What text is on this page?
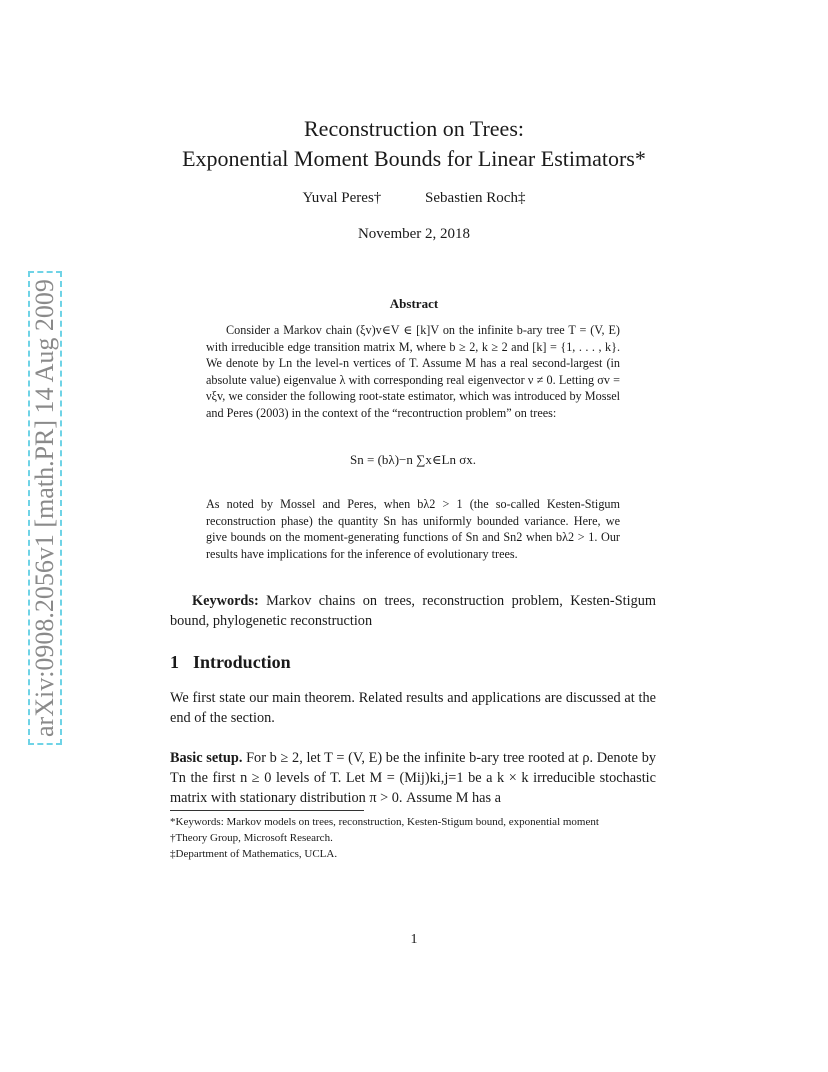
arXiv:0908.2056v1 [math.PR] 14 Aug 2009
Reconstruction on Trees:
Exponential Moment Bounds for Linear Estimators*
Yuval Peres†	Sebastien Roch‡
November 2, 2018
Abstract
Consider a Markov chain (ξv)v∈V ∈ [k]V on the infinite b-ary tree T = (V, E) with irreducible edge transition matrix M, where b ≥ 2, k ≥ 2 and [k] = {1, . . . , k}. We denote by Ln the level-n vertices of T. Assume M has a real second-largest (in absolute value) eigenvalue λ with corresponding real eigenvector ν ≠ 0. Letting σv = νξv, we consider the following root-state estimator, which was introduced by Mossel and Peres (2003) in the context of the “recontruction problem” on trees:
Sn = (bλ)−n ∑x∈Ln σx.
As noted by Mossel and Peres, when bλ2 > 1 (the so-called Kesten-Stigum reconstruction phase) the quantity Sn has uniformly bounded variance. Here, we give bounds on the moment-generating functions of Sn and Sn2 when bλ2 > 1. Our results have implications for the inference of evolutionary trees.
Keywords: Markov chains on trees, reconstruction problem, Kesten-Stigum bound, phylogenetic reconstruction
1 Introduction
We first state our main theorem. Related results and applications are discussed at the end of the section.
Basic setup. For b ≥ 2, let T = (V, E) be the infinite b-ary tree rooted at ρ. Denote by Tn the first n ≥ 0 levels of T. Let M = (Mij)ki,j=1 be a k × k irreducible stochastic matrix with stationary distribution π > 0. Assume M has a
*Keywords: Markov models on trees, reconstruction, Kesten-Stigum bound, exponential moment
†Theory Group, Microsoft Research.
‡Department of Mathematics, UCLA.
1
